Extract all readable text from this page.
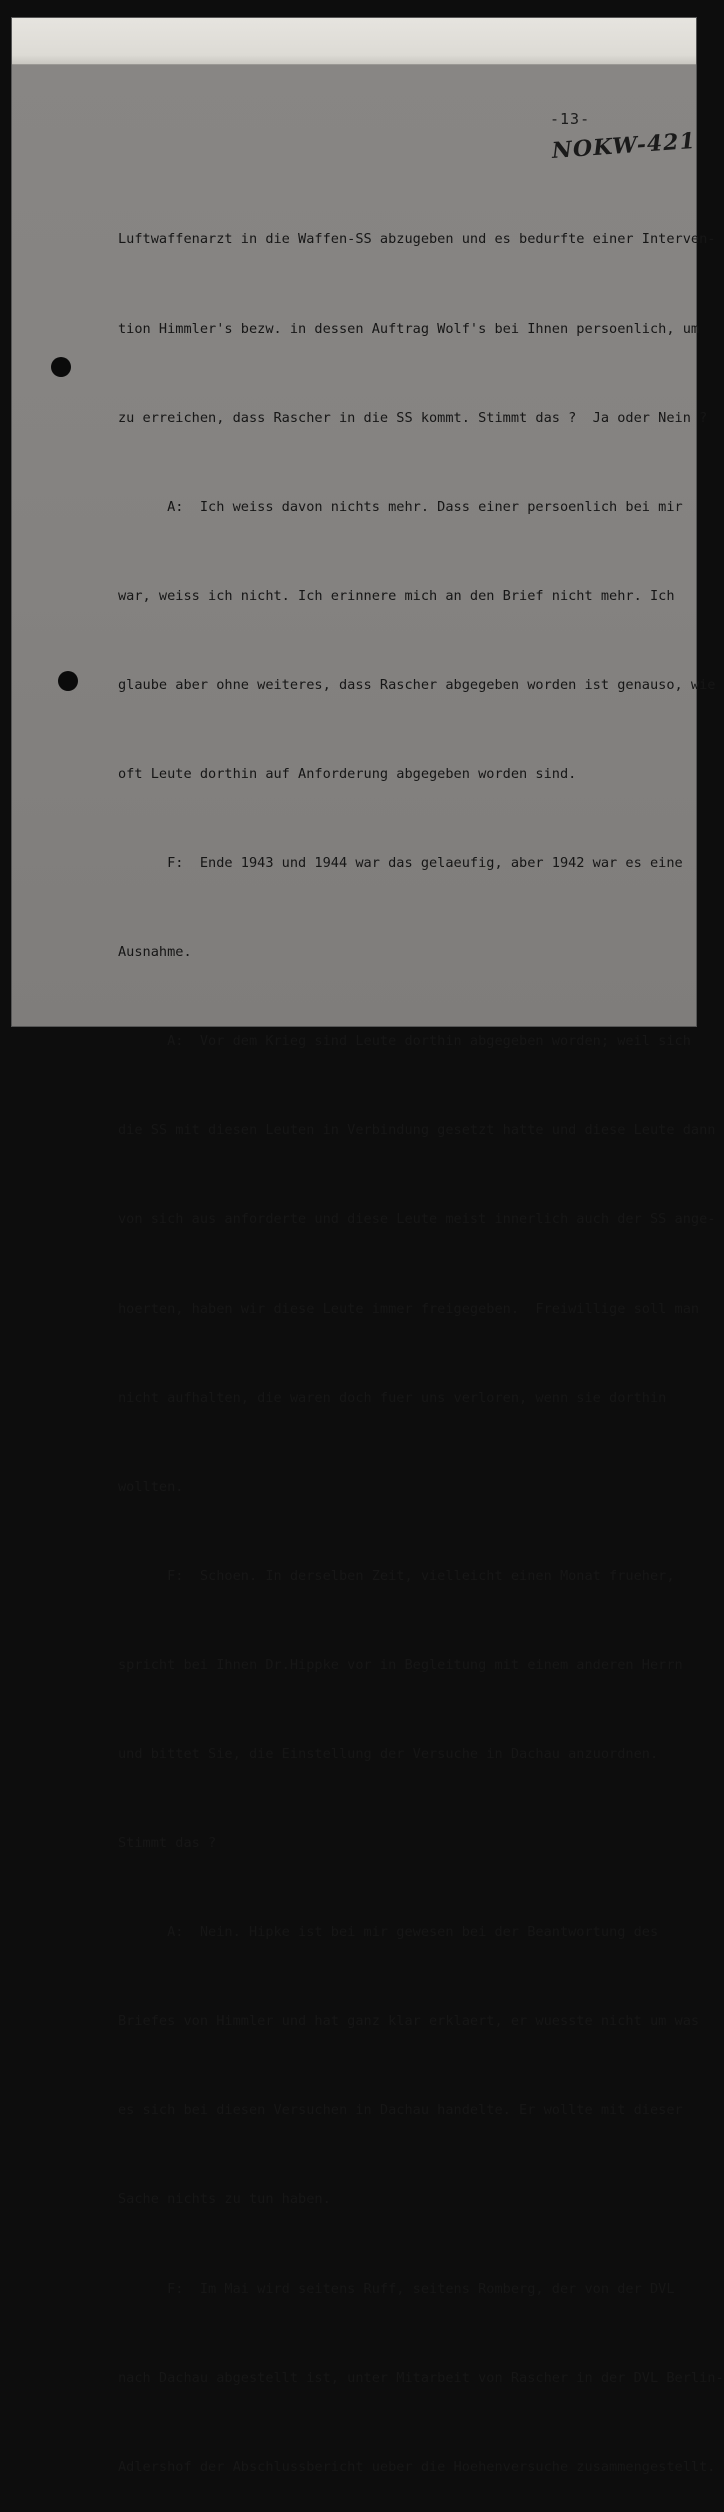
-13-
NOKW-421

Luftwaffenarzt in die Waffen-SS abzugeben und es bedurfte einer Interven-

tion Himmler's bezw. in dessen Auftrag Wolf's bei Ihnen persoenlich, um

zu erreichen, dass Rascher in die SS kommt. Stimmt das ?  Ja oder Nein ?

A:  Ich weiss davon nichts mehr. Dass einer persoenlich bei mir

war, weiss ich nicht. Ich erinnere mich an den Brief nicht mehr. Ich

glaube aber ohne weiteres, dass Rascher abgegeben worden ist genauso, wie

oft Leute dorthin auf Anforderung abgegeben worden sind.

F:  Ende 1943 und 1944 war das gelaeufig, aber 1942 war es eine

Ausnahme.

A:  Vor dem Krieg sind Leute dorthin abgegeben worden; weil sich

die SS mit diesen Leuten in Verbindung gesetzt hatte und diese Leute dann

von sich aus anforderte und diese Leute meist innerlich auch der SS ange-

hoerten, haben wir diese Leute immer freigegeben.  Freiwillige soll man

nicht aufhalten, die waren doch fuer uns verloren, wenn sie dorthin

wollten.

F:  Schoen. In derselben Zeit, vielleicht einen Monat frueher,

spricht bei Ihnen Dr.Hippke vor in Begleitung mit einem anderen Herrn

und bittet Sie, die Einstellung der Versuche in Dachau anzuordnen.

Stimmt das ?

A:  Nein. Hipke ist bei mir gewesen bei der Beantwortung des

Briefes von Himmler und hat ganz klar erklaert, er wuesste nicht um was

es sich bei diesen Versuchen in Dachau handelte. Er wollte mit dieser

Sache nichts zu tun haben.

F:  Im Mai wird seitens Ruff, seitens Romberg, der von der DVL

nach Dachau abgestellt ist, unter Mitarbeit von Rascher in der DVL Berlin-

Adlershof der Abschlussbericht ueber die Hoehenversuche zusammengestellt.
